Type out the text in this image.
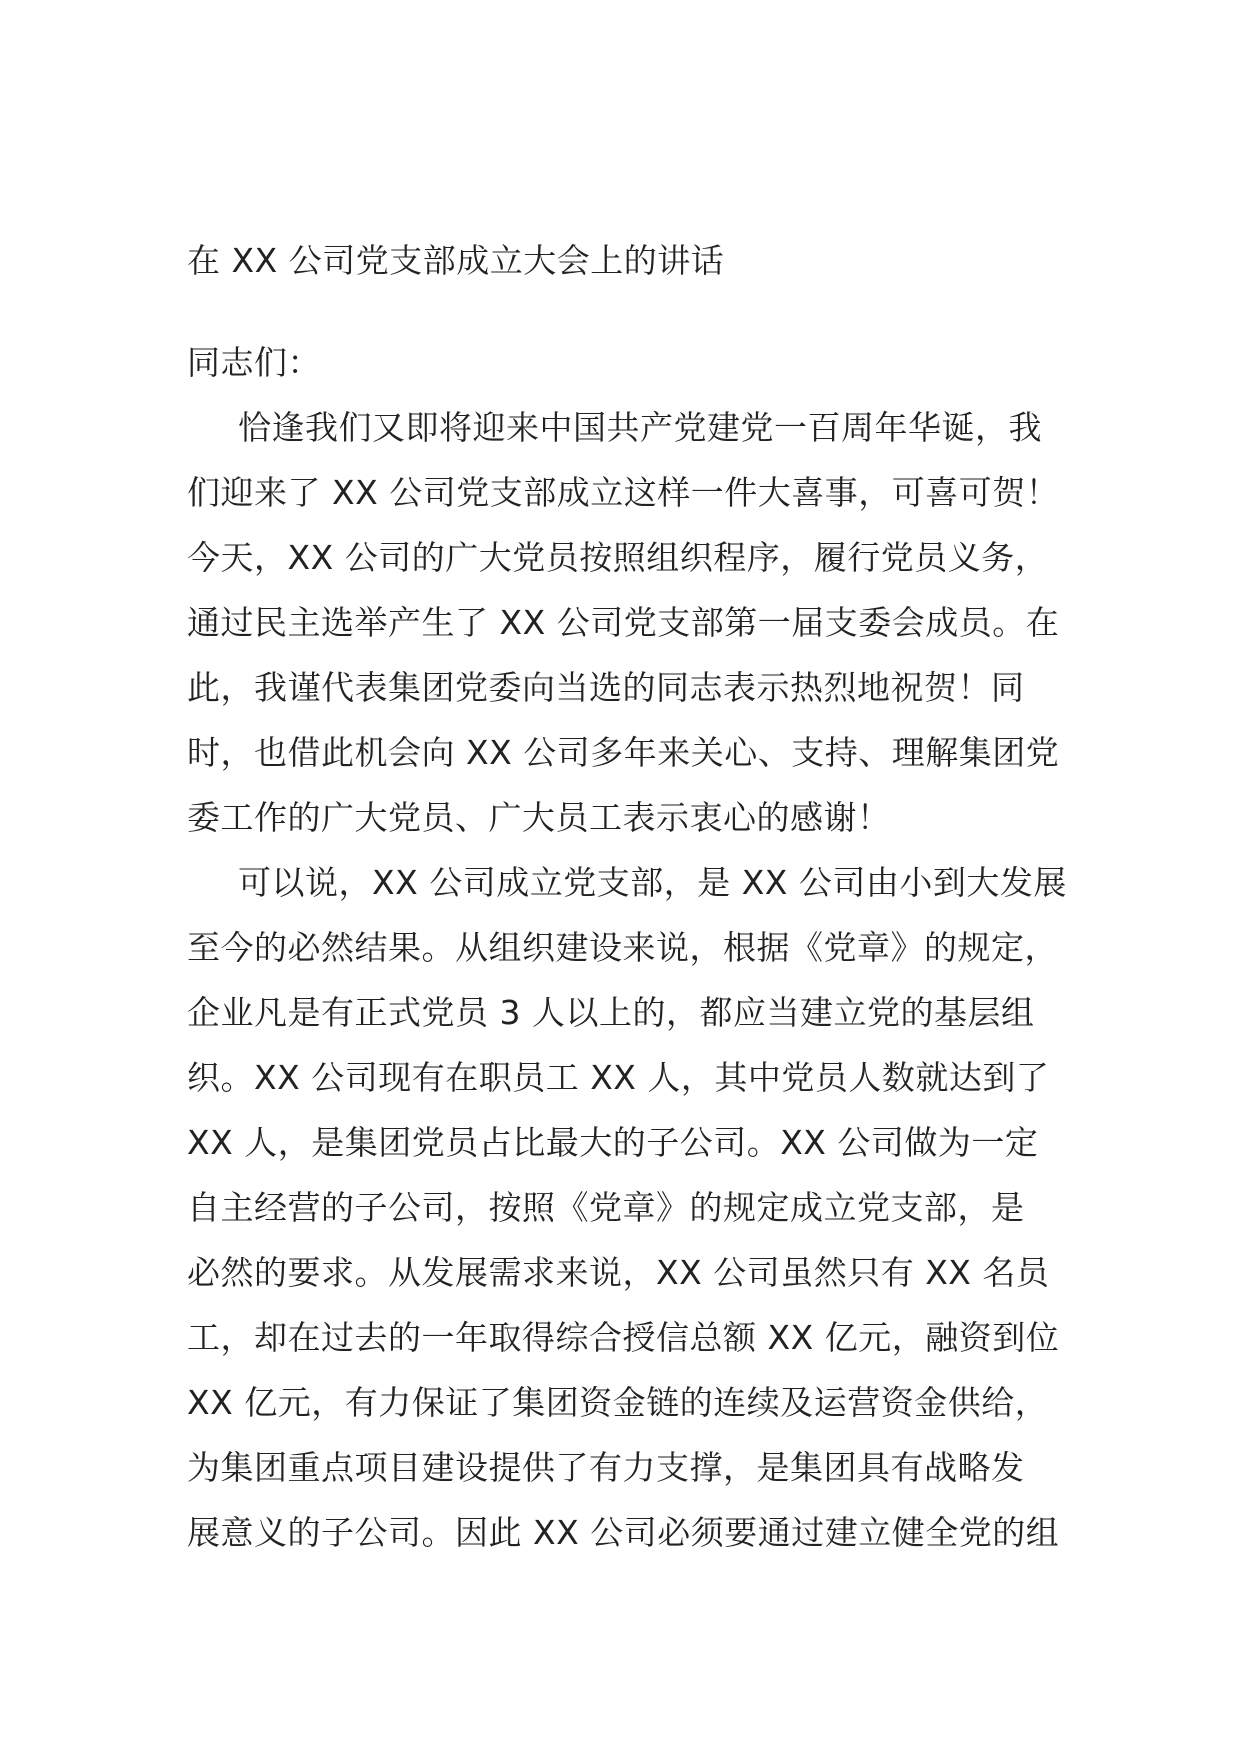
在 XX 公司党支部成立大会上的讲话
同志们：
恰逢我们又即将迎来中国共产党建党一百周年华诞，我
们迎来了 XX 公司党支部成立这样一件大喜事，可喜可贺！
今天，XX 公司的广大党员按照组织程序，履行党员义务，
通过民主选举产生了 XX 公司党支部第一届支委会成员。在
此，我谨代表集团党委向当选的同志表示热烈地祝贺！同
时，也借此机会向 XX 公司多年来关心、支持、理解集团党
委工作的广大党员、广大员工表示衷心的感谢！
可以说，XX 公司成立党支部，是 XX 公司由小到大发展
至今的必然结果。从组织建设来说，根据《党章》的规定，
企业凡是有正式党员 3 人以上的，都应当建立党的基层组
织。XX 公司现有在职员工 XX 人，其中党员人数就达到了
XX 人，是集团党员占比最大的子公司。XX 公司做为一定
自主经营的子公司，按照《党章》的规定成立党支部，是
必然的要求。从发展需求来说，XX 公司虽然只有 XX 名员
工，却在过去的一年取得综合授信总额 XX 亿元，融资到位
XX 亿元，有力保证了集团资金链的连续及运营资金供给，
为集团重点项目建设提供了有力支撑，是集团具有战略发
展意义的子公司。因此 XX 公司必须要通过建立健全党的组
